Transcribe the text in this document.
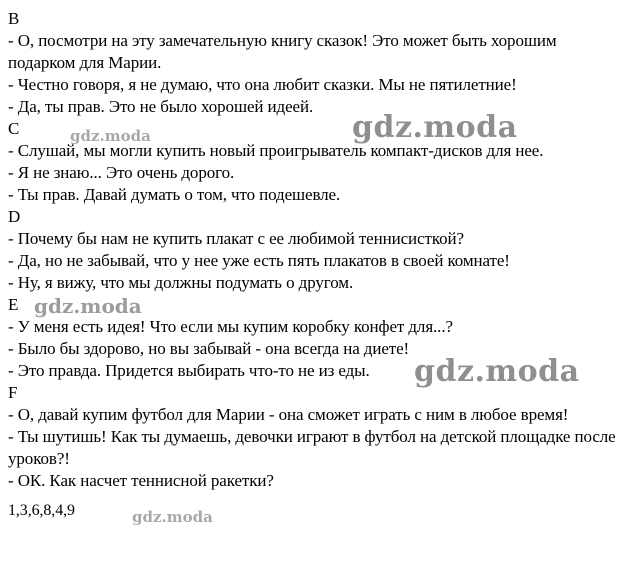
B
- О, посмотри на эту замечательную книгу сказок! Это может быть хорошим подарком для Марии.
- Честно говоря, я не думаю, что она любит сказки. Мы не пятилетние!
- Да, ты прав. Это не было хорошей идеей.
C
- Слушай, мы могли купить новый проигрыватель компакт-дисков для нее.
- Я не знаю... Это очень дорого.
- Ты прав. Давай думать о том, что подешевле.
D
- Почему бы нам не купить плакат с ее любимой теннисисткой?
- Да, но не забывай, что у нее уже есть пять плакатов в своей комнате!
- Ну, я вижу, что мы должны подумать о другом.
E
- У меня есть идея! Что если мы купим коробку конфет для...?
- Было бы здорово, но вы забывай - она всегда на диете!
- Это правда. Придется выбирать что-то не из еды.
F
- О, давай купим футбол для Марии - она сможет играть с ним в любое время!
- Ты шутишь! Как ты думаешь, девочки играют в футбол на детской площадке после уроков?!
- ОК. Как насчет теннисной ракетки?
1,3,6,8,4,9
gdz.moda	gdz.moda
gdz.moda
gdz.moda
gdz.moda
